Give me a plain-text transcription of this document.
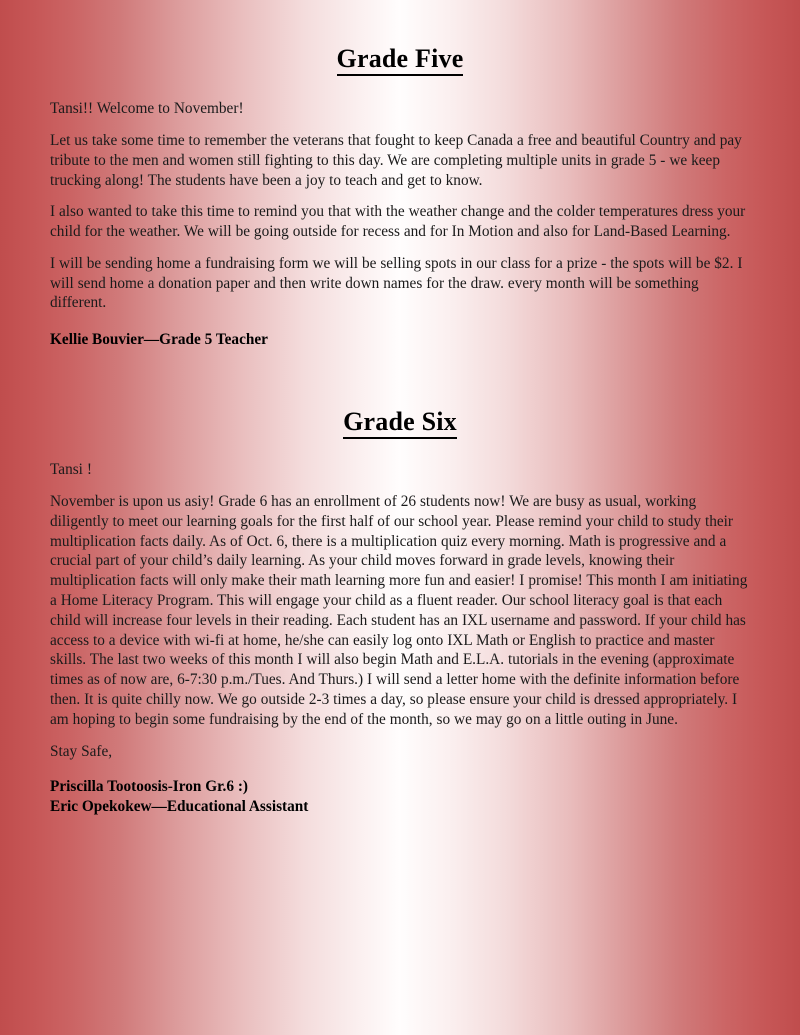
Grade Five

Tansi!! Welcome to November!

Let us take some time to remember the veterans that fought to keep Canada a free and beautiful Country and pay tribute to the men and women still fighting to this day. We are completing multiple units in grade 5 - we keep trucking along! The students have been a joy to teach and get to know.

I also wanted to take this time to remind you that with the weather change and the colder temperatures dress your child for the weather. We will be going outside for recess and for In Motion and also for Land-Based Learning.

I will be sending home a fundraising form we will be selling spots in our class for a prize - the spots will be $2. I will send home a donation paper and then write down names for the draw. every month will be something different.

Kellie Bouvier—Grade 5 Teacher
Grade Six

Tansi !

November is upon us asiy! Grade 6 has an enrollment of 26 students now! We are busy as usual, working diligently to meet our learning goals for the first half of our school year. Please remind your child to study their multiplication facts daily. As of Oct. 6, there is a multiplication quiz every morning. Math is progressive and a crucial part of your child’s daily learning. As your child moves forward in grade levels, knowing their multiplication facts will only make their math learning more fun and easier! I promise! This month I am initiating a Home Literacy Program. This will engage your child as a fluent reader. Our school literacy goal is that each child will increase four levels in their reading. Each student has an IXL username and password. If your child has access to a device with wi-fi at home, he/she can easily log onto IXL Math or English to practice and master skills. The last two weeks of this month I will also begin Math and E.L.A. tutorials in the evening (approximate times as of now are, 6-7:30 p.m./Tues. And Thurs.) I will send a letter home with the definite information before then. It is quite chilly now. We go outside 2-3 times a day, so please ensure your child is dressed appropriately. I am hoping to begin some fundraising by the end of the month, so we may go on a little outing in June.

Stay Safe,

Priscilla Tootoosis-Iron Gr.6 :)
Eric Opekokew—Educational Assistant
